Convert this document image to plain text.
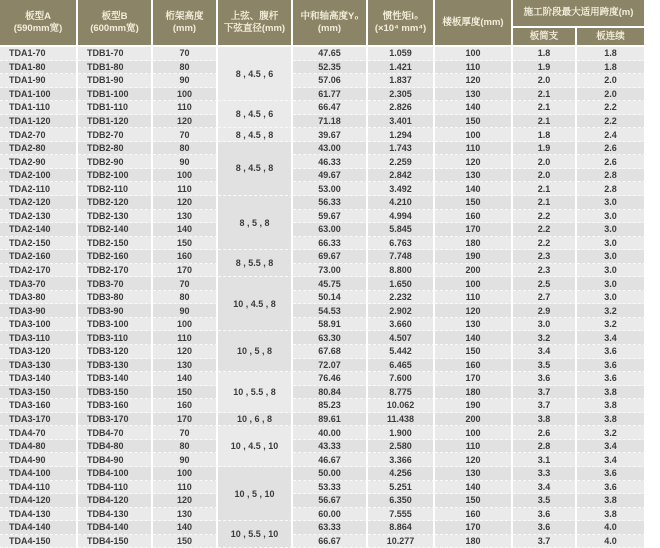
板型A
(590mm宽)	板型B
(600mm宽)	桁架高度
(mm)	上弦、腹杆
下弦直径(mm)	中和轴高度Y₀
(mm)	惯性矩I₀
(×10⁴ mm⁴)	楼板厚度(mm)	施工阶段最大适用跨度(m)	
							板简支	板连续
TDA1-70	TDB1-70	70	8 , 4.5 , 6	47.65	1.059	100	1.8	1.8
TDA1-80	TDB1-80	80		52.35	1.421	110	1.9	1.8
TDA1-90	TDB1-90	90		57.06	1.837	120	2.0	2.0
TDA1-100	TDB1-100	100		61.77	2.305	130	2.1	2.0
TDA1-110	TDB1-110	110	8 , 4.5 , 6	66.47	2.826	140	2.1	2.2
TDA1-120	TDB1-120	120		71.18	3.401	150	2.1	2.2
TDA2-70	TDB2-70	70	8 , 4.5 , 8	39.67	1.294	100	1.8	2.4
TDA2-80	TDB2-80	80	8 , 4.5 , 8	43.00	1.743	110	1.9	2.6
TDA2-90	TDB2-90	90		46.33	2.259	120	2.0	2.6
TDA2-100	TDB2-100	100		49.67	2.842	130	2.0	2.8
TDA2-110	TDB2-110	110		53.00	3.492	140	2.1	2.8
TDA2-120	TDB2-120	120	8 , 5 , 8	56.33	4.210	150	2.1	3.0
TDA2-130	TDB2-130	130		59.67	4.994	160	2.2	3.0
TDA2-140	TDB2-140	140		63.00	5.845	170	2.2	3.0
TDA2-150	TDB2-150	150		66.33	6.763	180	2.2	3.0
TDA2-160	TDB2-160	160	8 , 5.5 , 8	69.67	7.748	190	2.3	3.0
TDA2-170	TDB2-170	170		73.00	8.800	200	2.3	3.0
TDA3-70	TDB3-70	70	10 , 4.5 , 8	45.75	1.650	100	2.5	3.0
TDA3-80	TDB3-80	80		50.14	2.232	110	2.7	3.0
TDA3-90	TDB3-90	90		54.53	2.902	120	2.9	3.2
TDA3-100	TDB3-100	100		58.91	3.660	130	3.0	3.2
TDA3-110	TDB3-110	110	10 , 5 , 8	63.30	4.507	140	3.2	3.4
TDA3-120	TDB3-120	120		67.68	5.442	150	3.4	3.6
TDA3-130	TDB3-130	130		72.07	6.465	160	3.5	3.6
TDA3-140	TDB3-140	140	10 , 5.5 , 8	76.46	7.600	170	3.6	3.6
TDA3-150	TDB3-150	150		80.84	8.775	180	3.7	3.8
TDA3-160	TDB3-160	160		85.23	10.062	190	3.7	3.8
TDA3-170	TDB3-170	170	10 , 6 , 8	89.61	11.438	200	3.8	3.8
TDA4-70	TDB4-70	70	10 , 4.5 , 10	40.00	1.900	100	2.6	3.2
TDA4-80	TDB4-80	80		43.33	2.580	110	2.8	3.4
TDA4-90	TDB4-90	90		46.67	3.366	120	3.1	3.4
TDA4-100	TDB4-100	100	10 , 5 , 10	50.00	4.256	130	3.3	3.6
TDA4-110	TDB4-110	110		53.33	5.251	140	3.4	3.6
TDA4-120	TDB4-120	120		56.67	6.350	150	3.5	3.8
TDA4-130	TDB4-130	130		60.00	7.555	160	3.6	3.8
TDA4-140	TDB4-140	140	10 , 5.5 , 10	63.33	8.864	170	3.6	4.0
TDA4-150	TDB4-150	150		66.67	10.277	180	3.7	4.0
